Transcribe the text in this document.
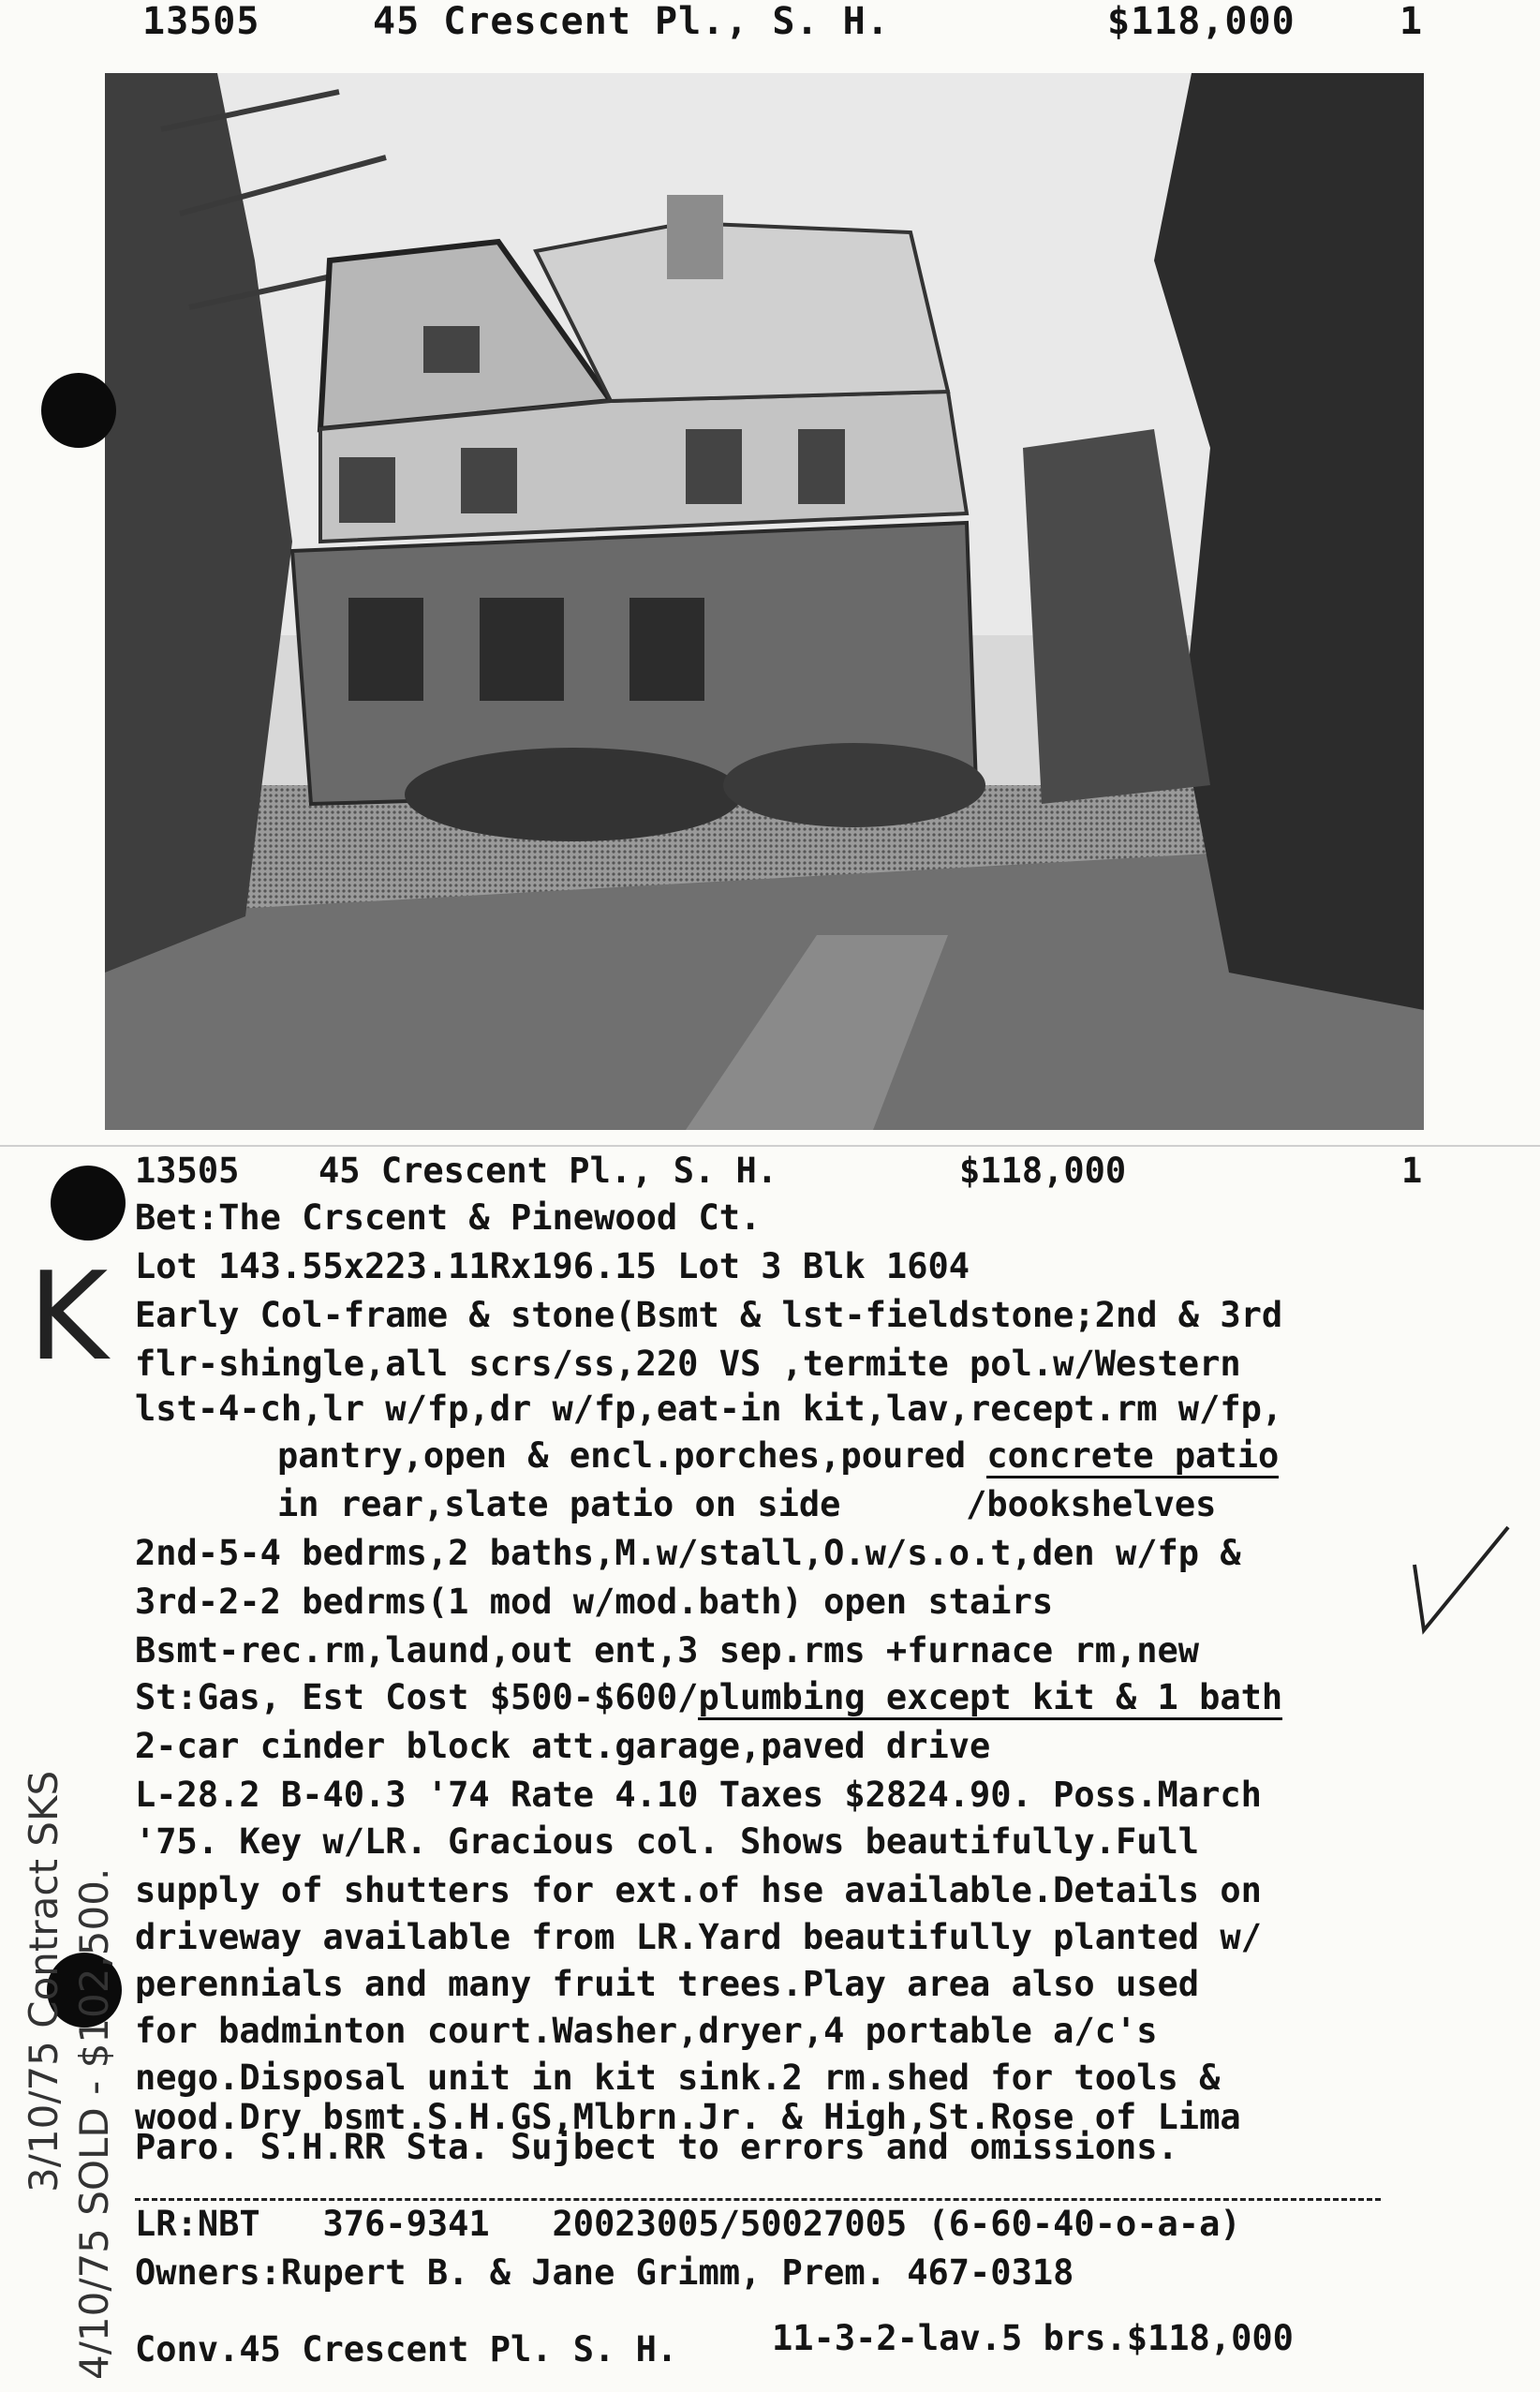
13505	45 Crescent Pl., S. H.	$118,000	1
13505 45 Crescent Pl., S. H.	$118,000	1
Bet:The Crscent & Pinewood Ct.
Lot 143.55x223.11Rx196.15 Lot 3 Blk 1604
Early Col-frame & stone(Bsmt & lst-fieldstone;2nd & 3rd
flr-shingle,all scrs/ss,220 VS ,termite pol.w/Western
lst-4-ch,lr w/fp,dr w/fp,eat-in kit,lav,recept.rm w/fp,
pantry,open & encl.porches,poured concrete patio
in rear,slate patio on side      /bookshelves
2nd-5-4 bedrms,2 baths,M.w/stall,O.w/s.o.t,den w/fp &
3rd-2-2 bedrms(1 mod w/mod.bath) open stairs
Bsmt-rec.rm,laund,out ent,3 sep.rms +furnace rm,new
St:Gas, Est Cost $500-$600/plumbing except kit & 1 bath
2-car cinder block att.garage,paved drive
L-28.2 B-40.3 '74 Rate 4.10 Taxes $2824.90. Poss.March
'75. Key w/LR. Gracious col. Shows beautifully.Full
supply of shutters for ext.of hse available.Details on
driveway available from LR.Yard beautifully planted w/
perennials and many fruit trees.Play area also used
for badminton court.Washer,dryer,4 portable a/c's
nego.Disposal unit in kit sink.2 rm.shed for tools &
wood.Dry bsmt.S.H.GS,Mlbrn.Jr. & High,St.Rose of Lima
Paro. S.H.RR Sta. Sujbect to errors and omissions.
LR:NBT   376-9341   20023005/50027005 (6-60-40-o-a-a)
Owners:Rupert B. & Jane Grimm, Prem. 467-0318
Conv.45 Crescent Pl. S. H.	11-3-2-lav.5 brs.$118,000
K
3/10/75 Contract SKS 4/10/75 SOLD - $102,500.
